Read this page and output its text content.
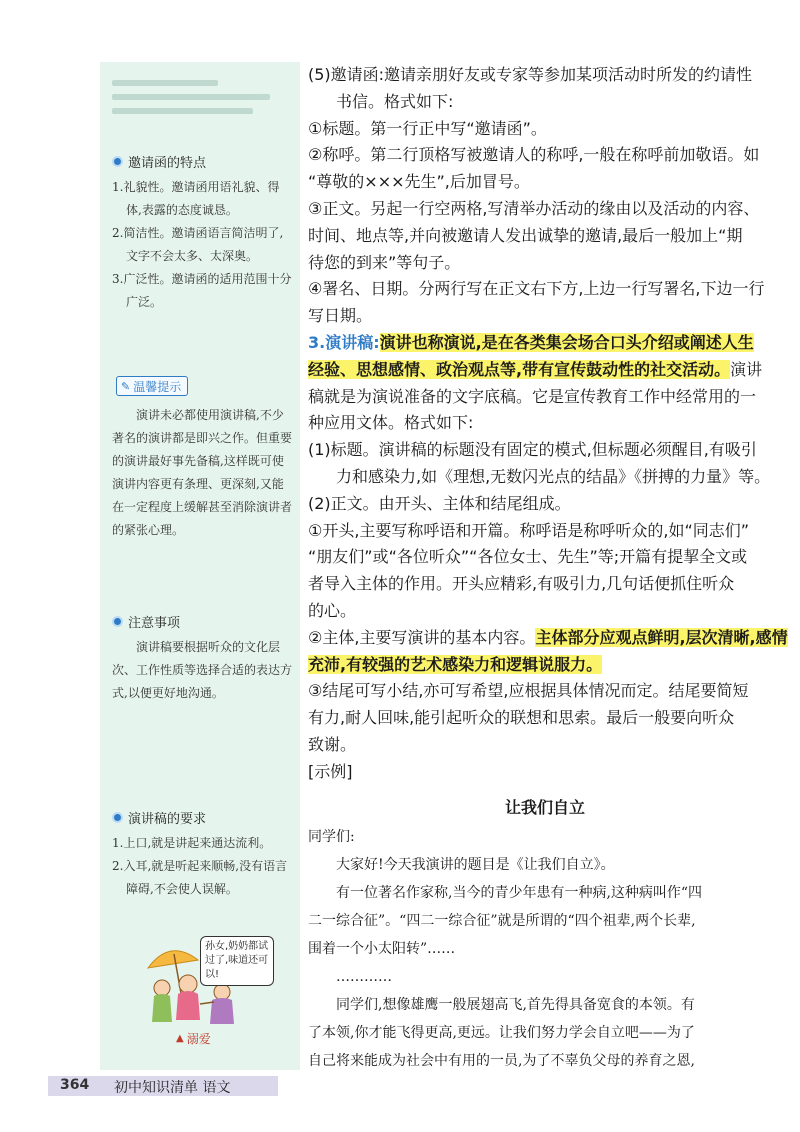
邀请函的特点
1.礼貌性。邀请函用语礼貌、得体,表露的态度诚恳。
2.简洁性。邀请函语言简洁明了,文字不会太多、太深奥。
3.广泛性。邀请函的适用范围十分广泛。
✎ 温馨提示
演讲未必都使用演讲稿,不少著名的演讲都是即兴之作。但重要的演讲最好事先备稿,这样既可使演讲内容更有条理、更深刻,又能在一定程度上缓解甚至消除演讲者的紧张心理。
注意事项
演讲稿要根据听众的文化层次、工作性质等选择合适的表达方式,以便更好地沟通。
演讲稿的要求
1.上口,就是讲起来通达流利。
2.入耳,就是听起来顺畅,没有语言障碍,不会使人误解。
孙女,奶奶都试过了,味道还可以!
▲ 溺爱
364 初中知识清单 语文
(5)邀请函:邀请亲朋好友或专家等参加某项活动时所发的约请性
书信。格式如下:
①标题。第一行正中写“邀请函”。
②称呼。第二行顶格写被邀请人的称呼,一般在称呼前加敬语。如
“尊敬的×××先生”,后加冒号。
③正文。另起一行空两格,写清举办活动的缘由以及活动的内容、
时间、地点等,并向被邀请人发出诚挚的邀请,最后一般加上“期
待您的到来”等句子。
④署名、日期。分两行写在正文右下方,上边一行写署名,下边一行
写日期。
3.演讲稿:演讲也称演说,是在各类集会场合口头介绍或阐述人生
经验、思想感情、政治观点等,带有宣传鼓动性的社交活动。演讲
稿就是为演说准备的文字底稿。它是宣传教育工作中经常用的一
种应用文体。格式如下:
(1)标题。演讲稿的标题没有固定的模式,但标题必须醒目,有吸引
力和感染力,如《理想,无数闪光点的结晶》《拼搏的力量》等。
(2)正文。由开头、主体和结尾组成。
①开头,主要写称呼语和开篇。称呼语是称呼听众的,如“同志们”
“朋友们”或“各位听众”“各位女士、先生”等;开篇有提挈全文或
者导入主体的作用。开头应精彩,有吸引力,几句话便抓住听众
的心。
②主体,主要写演讲的基本内容。主体部分应观点鲜明,层次清晰,感情
充沛,有较强的艺术感染力和逻辑说服力。
③结尾可写小结,亦可写希望,应根据具体情况而定。结尾要简短
有力,耐人回味,能引起听众的联想和思索。最后一般要向听众
致谢。
[示例]
让我们自立
同学们:
大家好!今天我演讲的题目是《让我们自立》。
有一位著名作家称,当今的青少年患有一种病,这种病叫作“四
二一综合征”。“四二一综合征”就是所谓的“四个祖辈,两个长辈,
围着一个小太阳转”……
…………
同学们,想像雄鹰一般展翅高飞,首先得具备宽食的本领。有
了本领,你才能飞得更高,更远。让我们努力学会自立吧——为了
自己将来能成为社会中有用的一员,为了不辜负父母的养育之恩,
